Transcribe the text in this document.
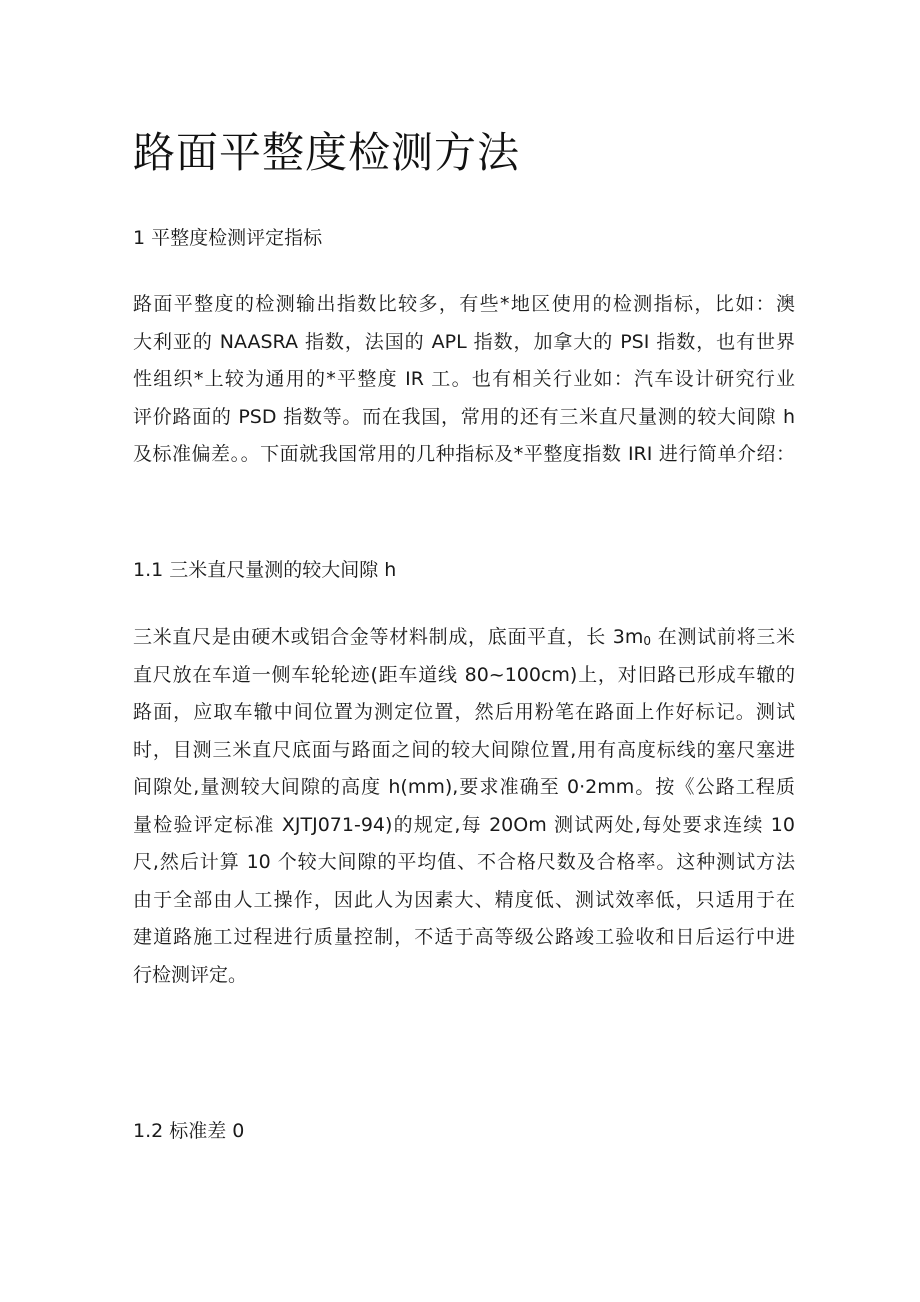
路面平整度检测方法
1 平整度检测评定指标
路面平整度的检测输出指数比较多，有些*地区使用的检测指标，比如：澳
大利亚的 NAASRA 指数，法国的 APL 指数，加拿大的 PSI 指数，也有世界
性组织*上较为通用的*平整度 IR 工。也有相关行业如：汽车设计研究行业
评价路面的 PSD 指数等。而在我国，常用的还有三米直尺量测的较大间隙 h
及标准偏差。。下面就我国常用的几种指标及*平整度指数 IRI 进行简单介绍：
1.1 三米直尺量测的较大间隙 h
三米直尺是由硬木或铝合金等材料制成，底面平直，长 $3m_0$ 在测试前将三米
直尺放在车道一侧车轮轮迹(距车道线 80~100cm)上，对旧路已形成车辙的
路面，应取车辙中间位置为测定位置，然后用粉笔在路面上作好标记。测试
时，目测三米直尺底面与路面之间的较大间隙位置,用有高度标线的塞尺塞进
间隙处,量测较大间隙的高度 h(mm),要求准确至 0·2mm。按《公路工程质
量检验评定标准 XJTJ071-94)的规定,每 20Om 测试两处,每处要求连续 10
尺,然后计算 10 个较大间隙的平均值、不合格尺数及合格率。这种测试方法
由于全部由人工操作，因此人为因素大、精度低、测试效率低，只适用于在
建道路施工过程进行质量控制，不适于高等级公路竣工验收和日后运行中进
行检测评定。
1.2 标准差 0
